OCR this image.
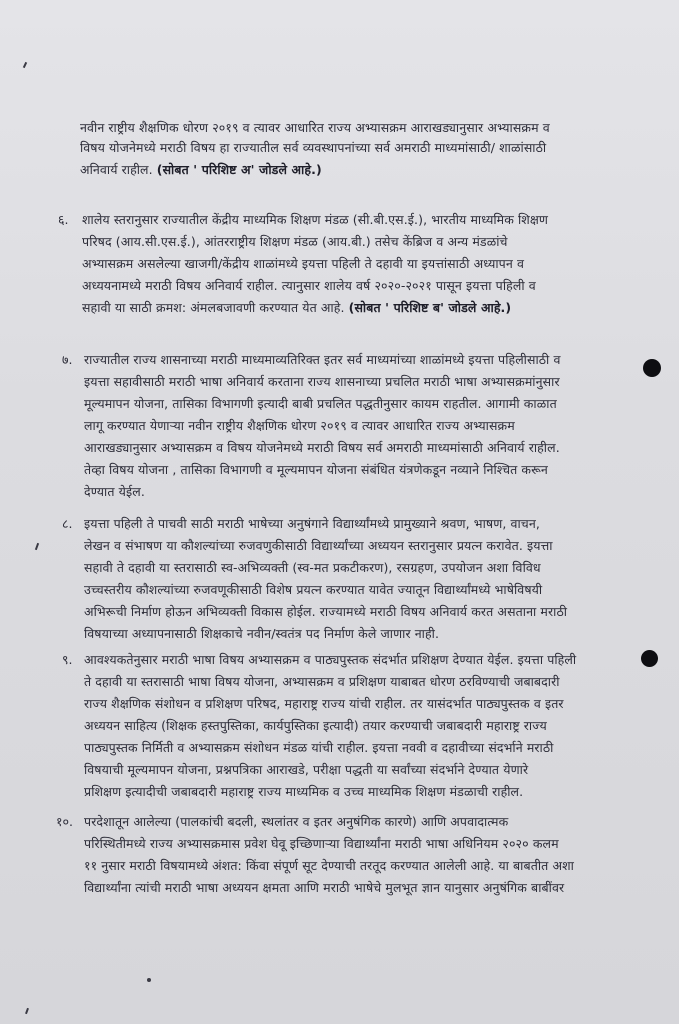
नवीन राष्ट्रीय शैक्षणिक धोरण २०१९ व त्यावर आधारित राज्य अभ्यासक्रम आराखड्यानुसार अभ्यासक्रम व
विषय योजनेमध्ये मराठी विषय हा राज्यातील सर्व व्यवस्थापनांच्या सर्व अमराठी माध्यमांसाठी/ शाळांसाठी
अनिवार्य राहील. (सोबत ' परिशिष्ट अ' जोडले आहे.)
६. शालेय स्तरानुसार राज्यातील केंद्रीय माध्यमिक शिक्षण मंडळ (सी.बी.एस.ई.), भारतीय माध्यमिक शिक्षण
परिषद (आय.सी.एस.ई.), आंतरराष्ट्रीय शिक्षण मंडळ (आय.बी.) तसेच केंब्रिज व अन्य मंडळांचे
अभ्यासक्रम असलेल्या खाजगी/केंद्रीय शाळांमध्ये इयत्ता पहिली ते दहावी या इयत्तांसाठी अध्यापन व
अध्ययनामध्ये मराठी विषय अनिवार्य राहील. त्यानुसार शालेय वर्ष २०२०-२०२१ पासून इयत्ता पहिली व
सहावी या साठी क्रमश: अंमलबजावणी करण्यात येत आहे. (सोबत ' परिशिष्ट ब' जोडले आहे.)
७. राज्यातील राज्य शासनाच्या मराठी माध्यमाव्यतिरिक्त इतर सर्व माध्यमांच्या शाळांमध्ये इयत्ता पहिलीसाठी व
इयत्ता सहावीसाठी मराठी भाषा अनिवार्य करताना राज्य शासनाच्या प्रचलित मराठी भाषा अभ्यासक्रमांनुसार
मूल्यमापन योजना, तासिका विभागणी इत्यादी बाबी प्रचलित पद्धतीनुसार कायम राहतील. आगामी काळात
लागू करण्यात येणाऱ्या नवीन राष्ट्रीय शैक्षणिक धोरण २०१९ व त्यावर आधारित राज्य अभ्यासक्रम
आराखड्यानुसार अभ्यासक्रम व विषय योजनेमध्ये मराठी विषय सर्व अमराठी माध्यमांसाठी अनिवार्य राहील.
तेव्हा विषय योजना , तासिका विभागणी व मूल्यमापन योजना संबंधित यंत्रणेकडून नव्याने निश्चित करून
देण्यात येईल.
८. इयत्ता पहिली ते पाचवी साठी मराठी भाषेच्या अनुषंगाने विद्यार्थ्यांमध्ये प्रामुख्याने श्रवण, भाषण, वाचन,
लेखन व संभाषण या कौशल्यांच्या रुजवणुकीसाठी विद्यार्थ्यांच्या अध्ययन स्तरानुसार प्रयत्न करावेत. इयत्ता
सहावी ते दहावी या स्तरासाठी स्व-अभिव्यक्ती (स्व-मत प्रकटीकरण), रसग्रहण, उपयोजन अशा विविध
उच्चस्तरीय कौशल्यांच्या रुजवणूकीसाठी विशेष प्रयत्न करण्यात यावेत ज्यातून विद्यार्थ्यांमध्ये भाषेविषयी
अभिरूची निर्माण होऊन अभिव्यक्ती विकास होईल. राज्यामध्ये मराठी विषय अनिवार्य करत असताना मराठी
विषयाच्या अध्यापनासाठी शिक्षकाचे नवीन/स्वतंत्र पद निर्माण केले जाणार नाही.
९. आवश्यकतेनुसार मराठी भाषा विषय अभ्यासक्रम व पाठ्यपुस्तक संदर्भात प्रशिक्षण देण्यात येईल. इयत्ता पहिली
ते दहावी या स्तरासाठी भाषा विषय योजना, अभ्यासक्रम व प्रशिक्षण याबाबत धोरण ठरविण्याची जबाबदारी
राज्य शैक्षणिक संशोधन व प्रशिक्षण परिषद, महाराष्ट्र राज्य यांची राहील. तर यासंदर्भात पाठ्यपुस्तक व इतर
अध्ययन साहित्य (शिक्षक हस्तपुस्तिका, कार्यपुस्तिका इत्यादी) तयार करण्याची जबाबदारी महाराष्ट्र राज्य
पाठ्यपुस्तक निर्मिती व अभ्यासक्रम संशोधन मंडळ यांची राहील. इयत्ता नववी व दहावीच्या संदर्भाने मराठी
विषयाची मूल्यमापन योजना, प्रश्नपत्रिका आराखडे, परीक्षा पद्धती या सर्वांच्या संदर्भाने देण्यात येणारे
प्रशिक्षण इत्यादीची जबाबदारी महाराष्ट्र राज्य माध्यमिक व उच्च माध्यमिक शिक्षण मंडळाची राहील.
१०. परदेशातून आलेल्या (पालकांची बदली, स्थलांतर व इतर अनुषंगिक कारणे) आणि अपवादात्मक
परिस्थितीमध्ये राज्य अभ्यासक्रमास प्रवेश घेवू इच्छिणाऱ्या विद्यार्थ्यांना मराठी भाषा अधिनियम २०२० कलम
११ नुसार मराठी विषयामध्ये अंशत: किंवा संपूर्ण सूट देण्याची तरतूद करण्यात आलेली आहे. या बाबतीत अशा
विद्यार्थ्यांना त्यांची मराठी भाषा अध्ययन क्षमता आणि मराठी भाषेचे मुलभूत ज्ञान यानुसार अनुषंगिक बाबींवर
